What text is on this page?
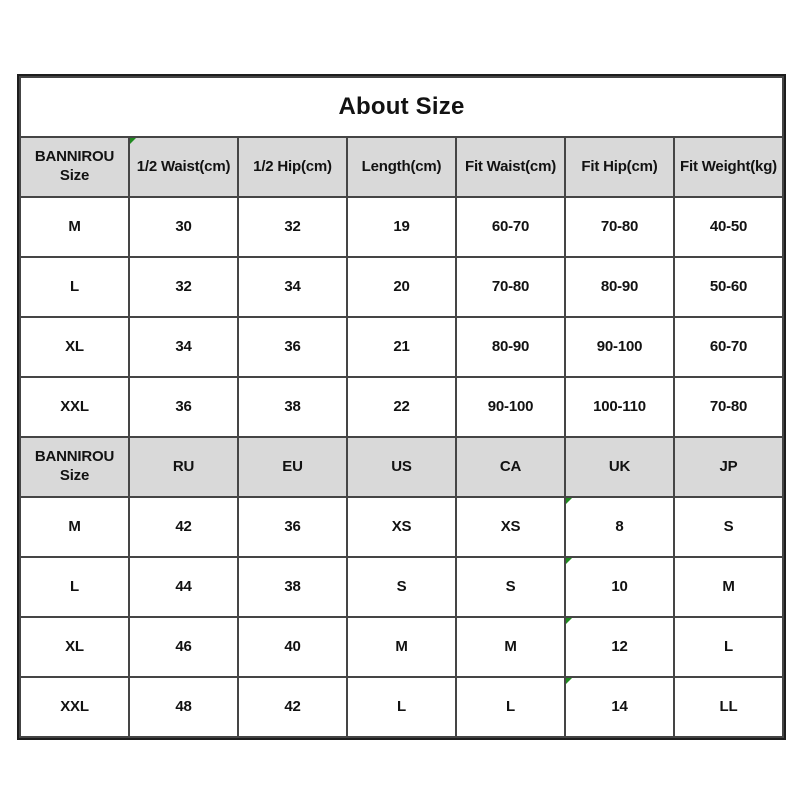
About Size						
BANNIROU Size	1/2 Waist(cm)	1/2 Hip(cm)	Length(cm)	Fit Waist(cm)	Fit Hip(cm)	Fit Weight(kg)
M	30	32	19	60-70	70-80	40-50
L	32	34	20	70-80	80-90	50-60
XL	34	36	21	80-90	90-100	60-70
XXL	36	38	22	90-100	100-110	70-80
BANNIROU Size	RU	EU	US	CA	UK	JP
M	42	36	XS	XS	8	S
L	44	38	S	S	10	M
XL	46	40	M	M	12	L
XXL	48	42	L	L	14	LL
